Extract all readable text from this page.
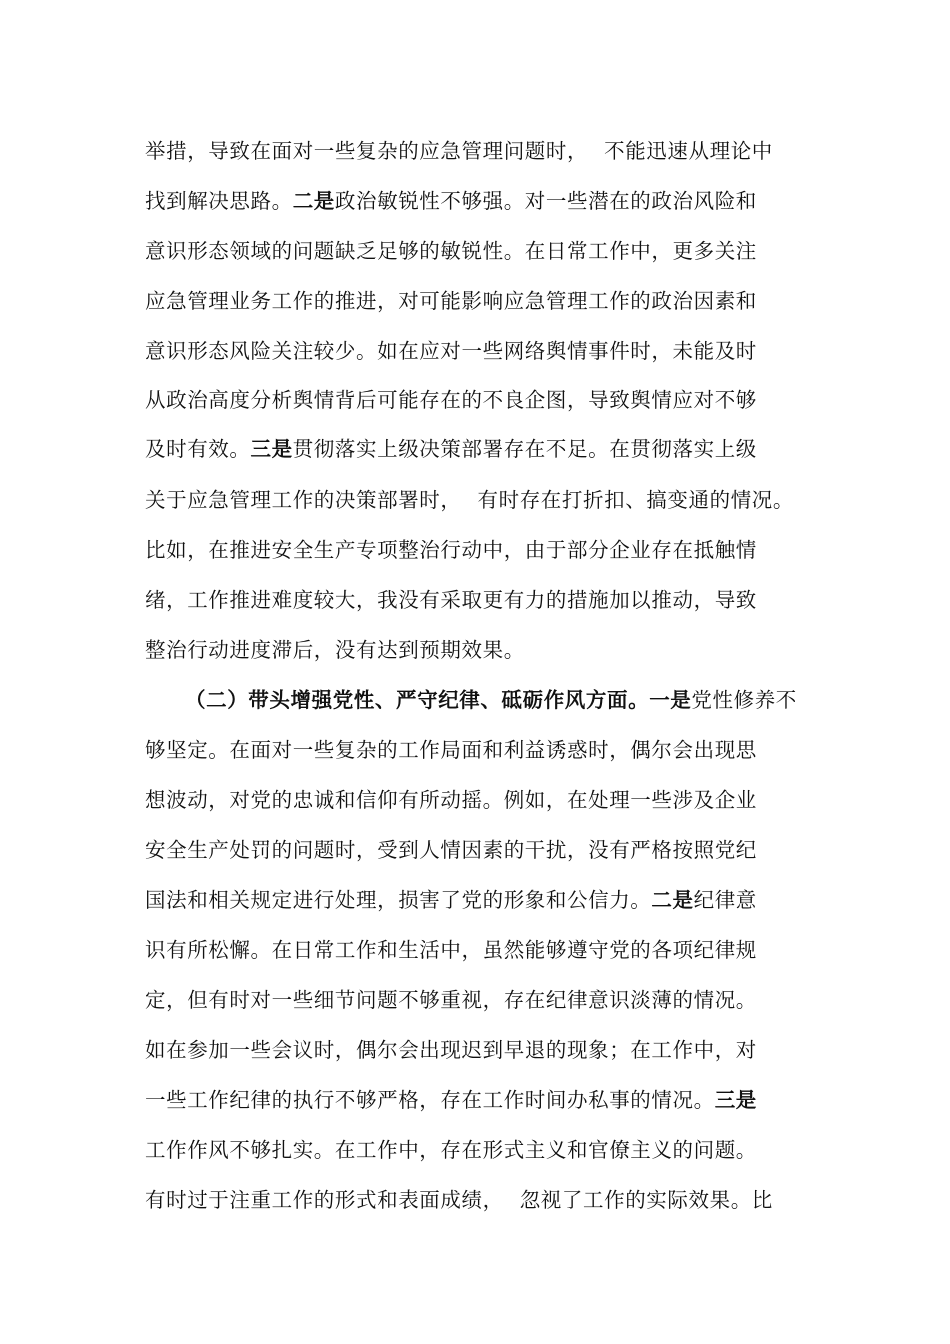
举措，导致在面对一些复杂的应急管理问题时， 不能迅速从理论中
找到解决思路。二是政治敏锐性不够强。对一些潜在的政治风险和
意识形态领域的问题缺乏足够的敏锐性。在日常工作中，更多关注
应急管理业务工作的推进，对可能影响应急管理工作的政治因素和
意识形态风险关注较少。如在应对一些网络舆情事件时，未能及时
从政治高度分析舆情背后可能存在的不良企图，导致舆情应对不够
及时有效。三是贯彻落实上级决策部署存在不足。在贯彻落实上级
关于应急管理工作的决策部署时， 有时存在打折扣、搞变通的情况。
比如，在推进安全生产专项整治行动中，由于部分企业存在抵触情
绪，工作推进难度较大，我没有采取更有力的措施加以推动，导致
整治行动进度滞后，没有达到预期效果。
（二）带头增强党性、严守纪律、砥砺作风方面。一是党性修养不
够坚定。在面对一些复杂的工作局面和利益诱惑时，偶尔会出现思
想波动，对党的忠诚和信仰有所动摇。例如，在处理一些涉及企业
安全生产处罚的问题时，受到人情因素的干扰，没有严格按照党纪
国法和相关规定进行处理，损害了党的形象和公信力。二是纪律意
识有所松懈。在日常工作和生活中，虽然能够遵守党的各项纪律规
定，但有时对一些细节问题不够重视，存在纪律意识淡薄的情况。
如在参加一些会议时，偶尔会出现迟到早退的现象；在工作中，对
一些工作纪律的执行不够严格，存在工作时间办私事的情况。三是
工作作风不够扎实。在工作中，存在形式主义和官僚主义的问题。
有时过于注重工作的形式和表面成绩， 忽视了工作的实际效果。比
